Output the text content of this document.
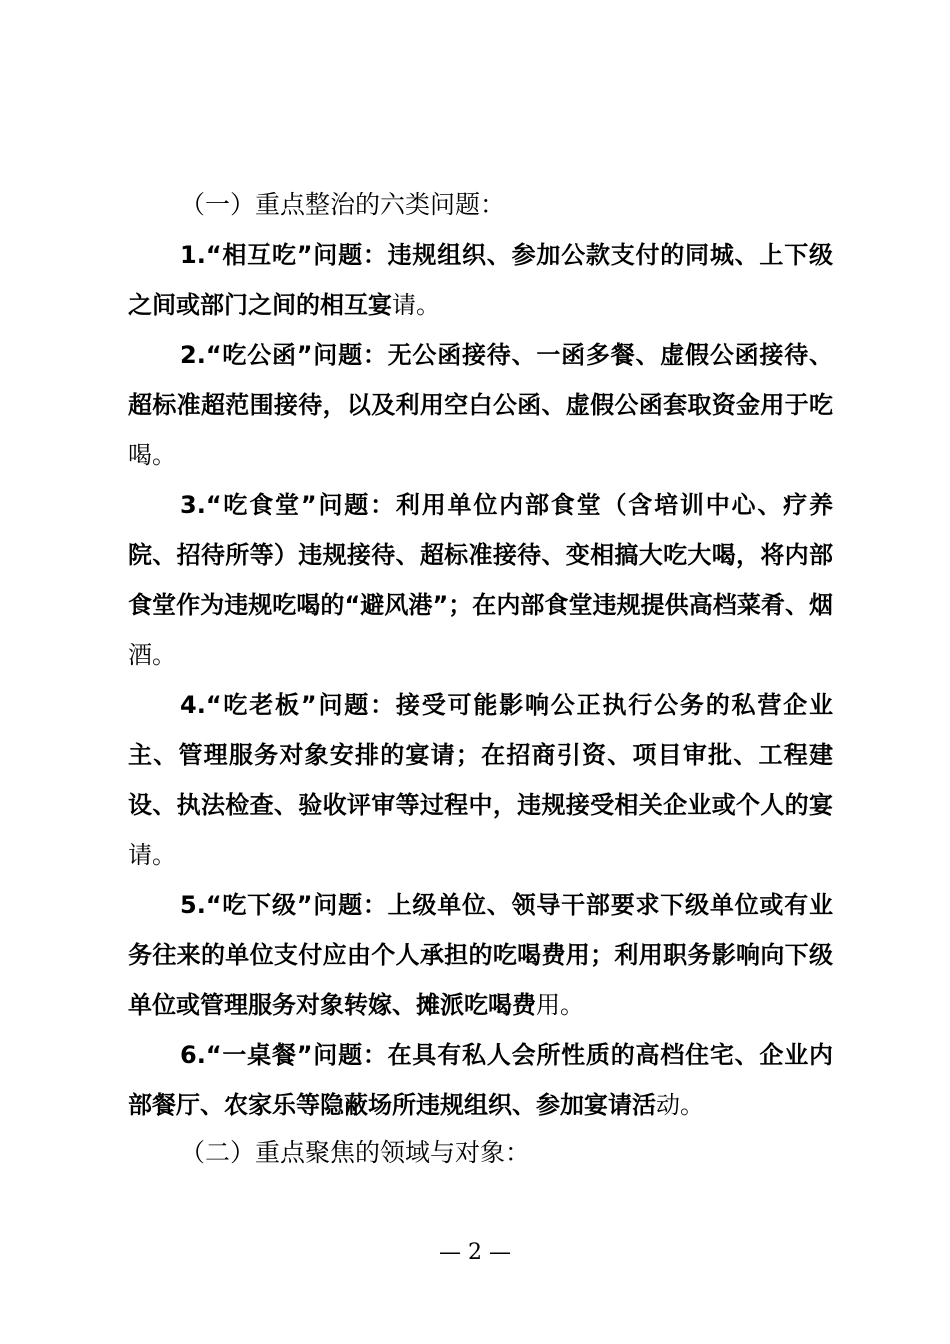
（一）重点整治的六类问题：

1.“相互吃”问题：违规组织、参加公款支付的同城、上下级之间或部门之间的相互宴请。

2.“吃公函”问题：无公函接待、一函多餐、虚假公函接待、超标准超范围接待，以及利用空白公函、虚假公函套取资金用于吃喝。

3.“吃食堂”问题：利用单位内部食堂（含培训中心、疗养院、招待所等）违规接待、超标准接待、变相搞大吃大喝，将内部食堂作为违规吃喝的“避风港”；在内部食堂违规提供高档菜肴、烟酒。

4.“吃老板”问题：接受可能影响公正执行公务的私营企业主、管理服务对象安排的宴请；在招商引资、项目审批、工程建设、执法检查、验收评审等过程中，违规接受相关企业或个人的宴请。

5.“吃下级”问题：上级单位、领导干部要求下级单位或有业务往来的单位支付应由个人承担的吃喝费用；利用职务影响向下级单位或管理服务对象转嫁、摊派吃喝费用。

6.“一桌餐”问题：在具有私人会所性质的高档住宅、企业内部餐厅、农家乐等隐蔽场所违规组织、参加宴请活动。

（二）重点聚焦的领域与对象：

— 2 —
